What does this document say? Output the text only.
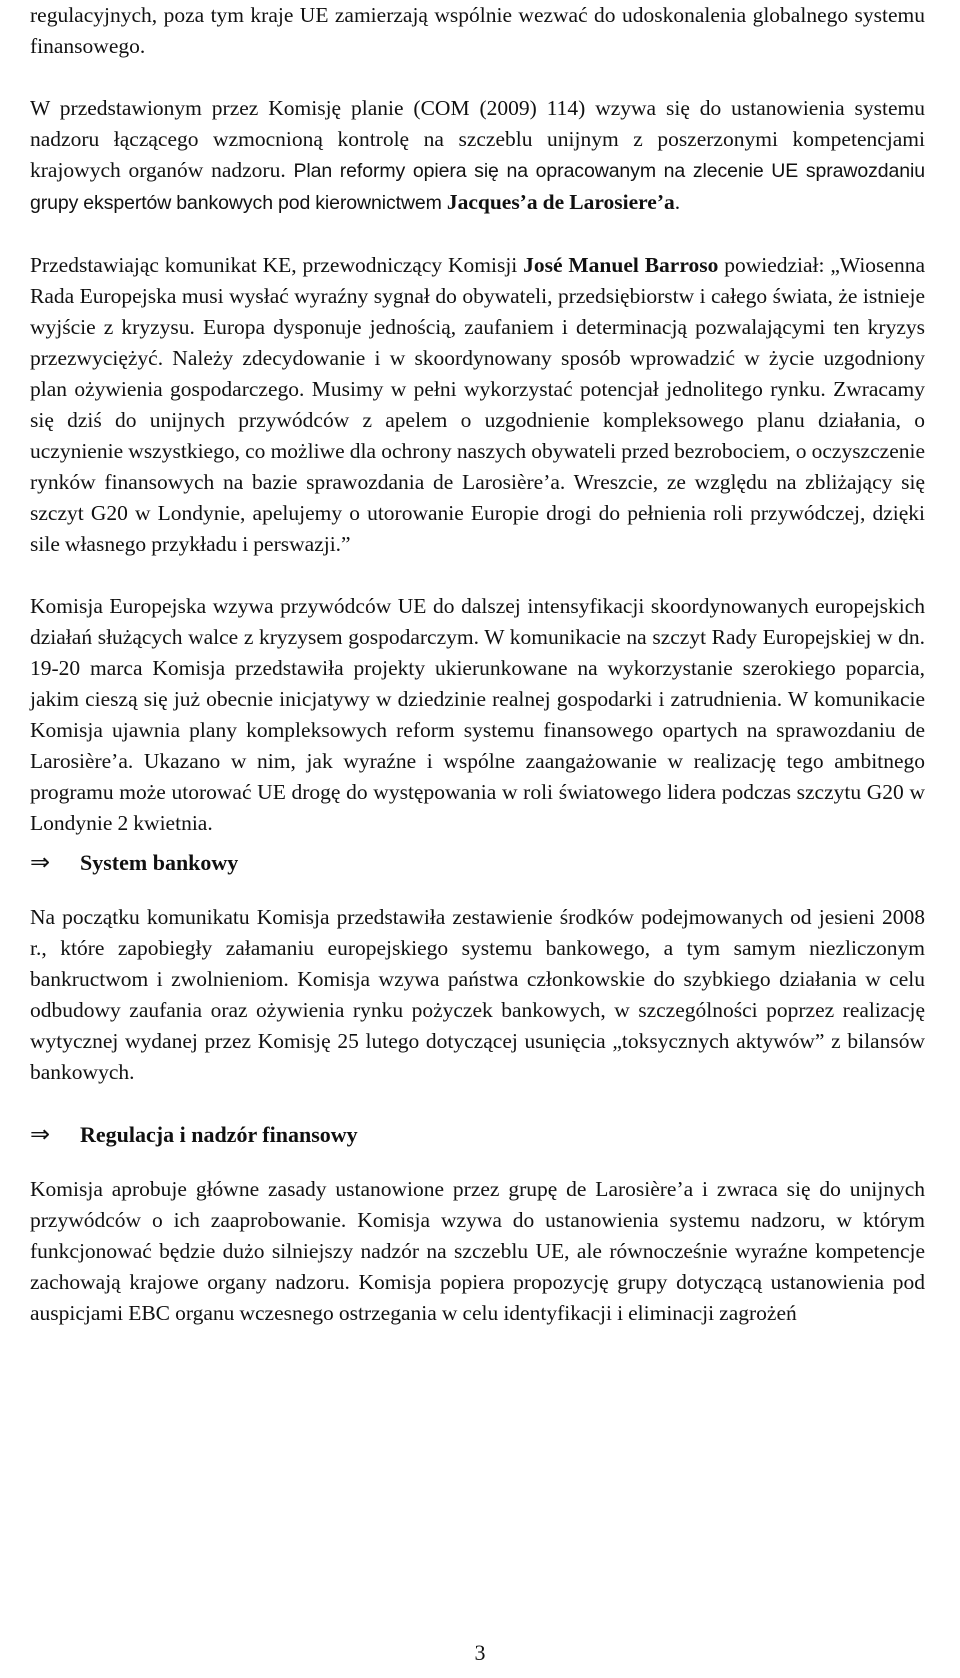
regulacyjnych, poza tym kraje UE zamierzają wspólnie wezwać do udoskonalenia globalnego systemu finansowego.

W przedstawionym przez Komisję planie (COM (2009) 114) wzywa się do ustanowienia systemu nadzoru łączącego wzmocnioną kontrolę na szczeblu unijnym z poszerzonymi kompetencjami krajowych organów nadzoru. Plan reformy opiera się na opracowanym na zlecenie UE sprawozdaniu grupy ekspertów bankowych pod kierownictwem Jacques’a de Larosiere’a.

Przedstawiając komunikat KE, przewodniczący Komisji José Manuel Barroso powiedział: „Wiosenna Rada Europejska musi wysłać wyraźny sygnał do obywateli, przedsiębiorstw i całego świata, że istnieje wyjście z kryzysu. Europa dysponuje jednością, zaufaniem i determinacją pozwalającymi ten kryzys przezwyciężyć. Należy zdecydowanie i w skoordynowany sposób wprowadzić w życie uzgodniony plan ożywienia gospodarczego. Musimy w pełni wykorzystać potencjał jednolitego rynku. Zwracamy się dziś do unijnych przywódców z apelem o uzgodnienie kompleksowego planu działania, o uczynienie wszystkiego, co możliwe dla ochrony naszych obywateli przed bezrobociem, o oczyszczenie rynków finansowych na bazie sprawozdania de Larosière’a. Wreszcie, ze względu na zbliżający się szczyt G20 w Londynie, apelujemy o utorowanie Europie drogi do pełnienia roli przywódczej, dzięki sile własnego przykładu i perswazji.”

Komisja Europejska wzywa przywódców UE do dalszej intensyfikacji skoordynowanych europejskich działań służących walce z kryzysem gospodarczym. W komunikacie na szczyt Rady Europejskiej w dn. 19-20 marca Komisja przedstawiła projekty ukierunkowane na wykorzystanie szerokiego poparcia, jakim cieszą się już obecnie inicjatywy w dziedzinie realnej gospodarki i zatrudnienia. W komunikacie Komisja ujawnia plany kompleksowych reform systemu finansowego opartych na sprawozdaniu de Larosière’a. Ukazano w nim, jak wyraźne i wspólne zaangażowanie w realizację tego ambitnego programu może utorować UE drogę do występowania w roli światowego lidera podczas szczytu G20 w Londynie 2 kwietnia.

⇒	System bankowy

Na początku komunikatu Komisja przedstawiła zestawienie środków podejmowanych od jesieni 2008 r., które zapobiegły załamaniu europejskiego systemu bankowego, a tym samym niezliczonym bankructwom i zwolnieniom. Komisja wzywa państwa członkowskie do szybkiego działania w celu odbudowy zaufania oraz ożywienia rynku pożyczek bankowych, w szczególności poprzez realizację wytycznej wydanej przez Komisję 25 lutego dotyczącej usunięcia „toksycznych aktywów” z bilansów bankowych.

⇒	Regulacja i nadzór finansowy

Komisja aprobuje główne zasady ustanowione przez grupę de Larosière’a i zwraca się do unijnych przywódców o ich zaaprobowanie. Komisja wzywa do ustanowienia systemu nadzoru, w którym funkcjonować będzie dużo silniejszy nadzór na szczeblu UE, ale równocześnie wyraźne kompetencje zachowają krajowe organy nadzoru. Komisja popiera propozycję grupy dotyczącą ustanowienia pod auspicjami EBC organu wczesnego ostrzegania w celu identyfikacji i eliminacji zagrożeń

3
